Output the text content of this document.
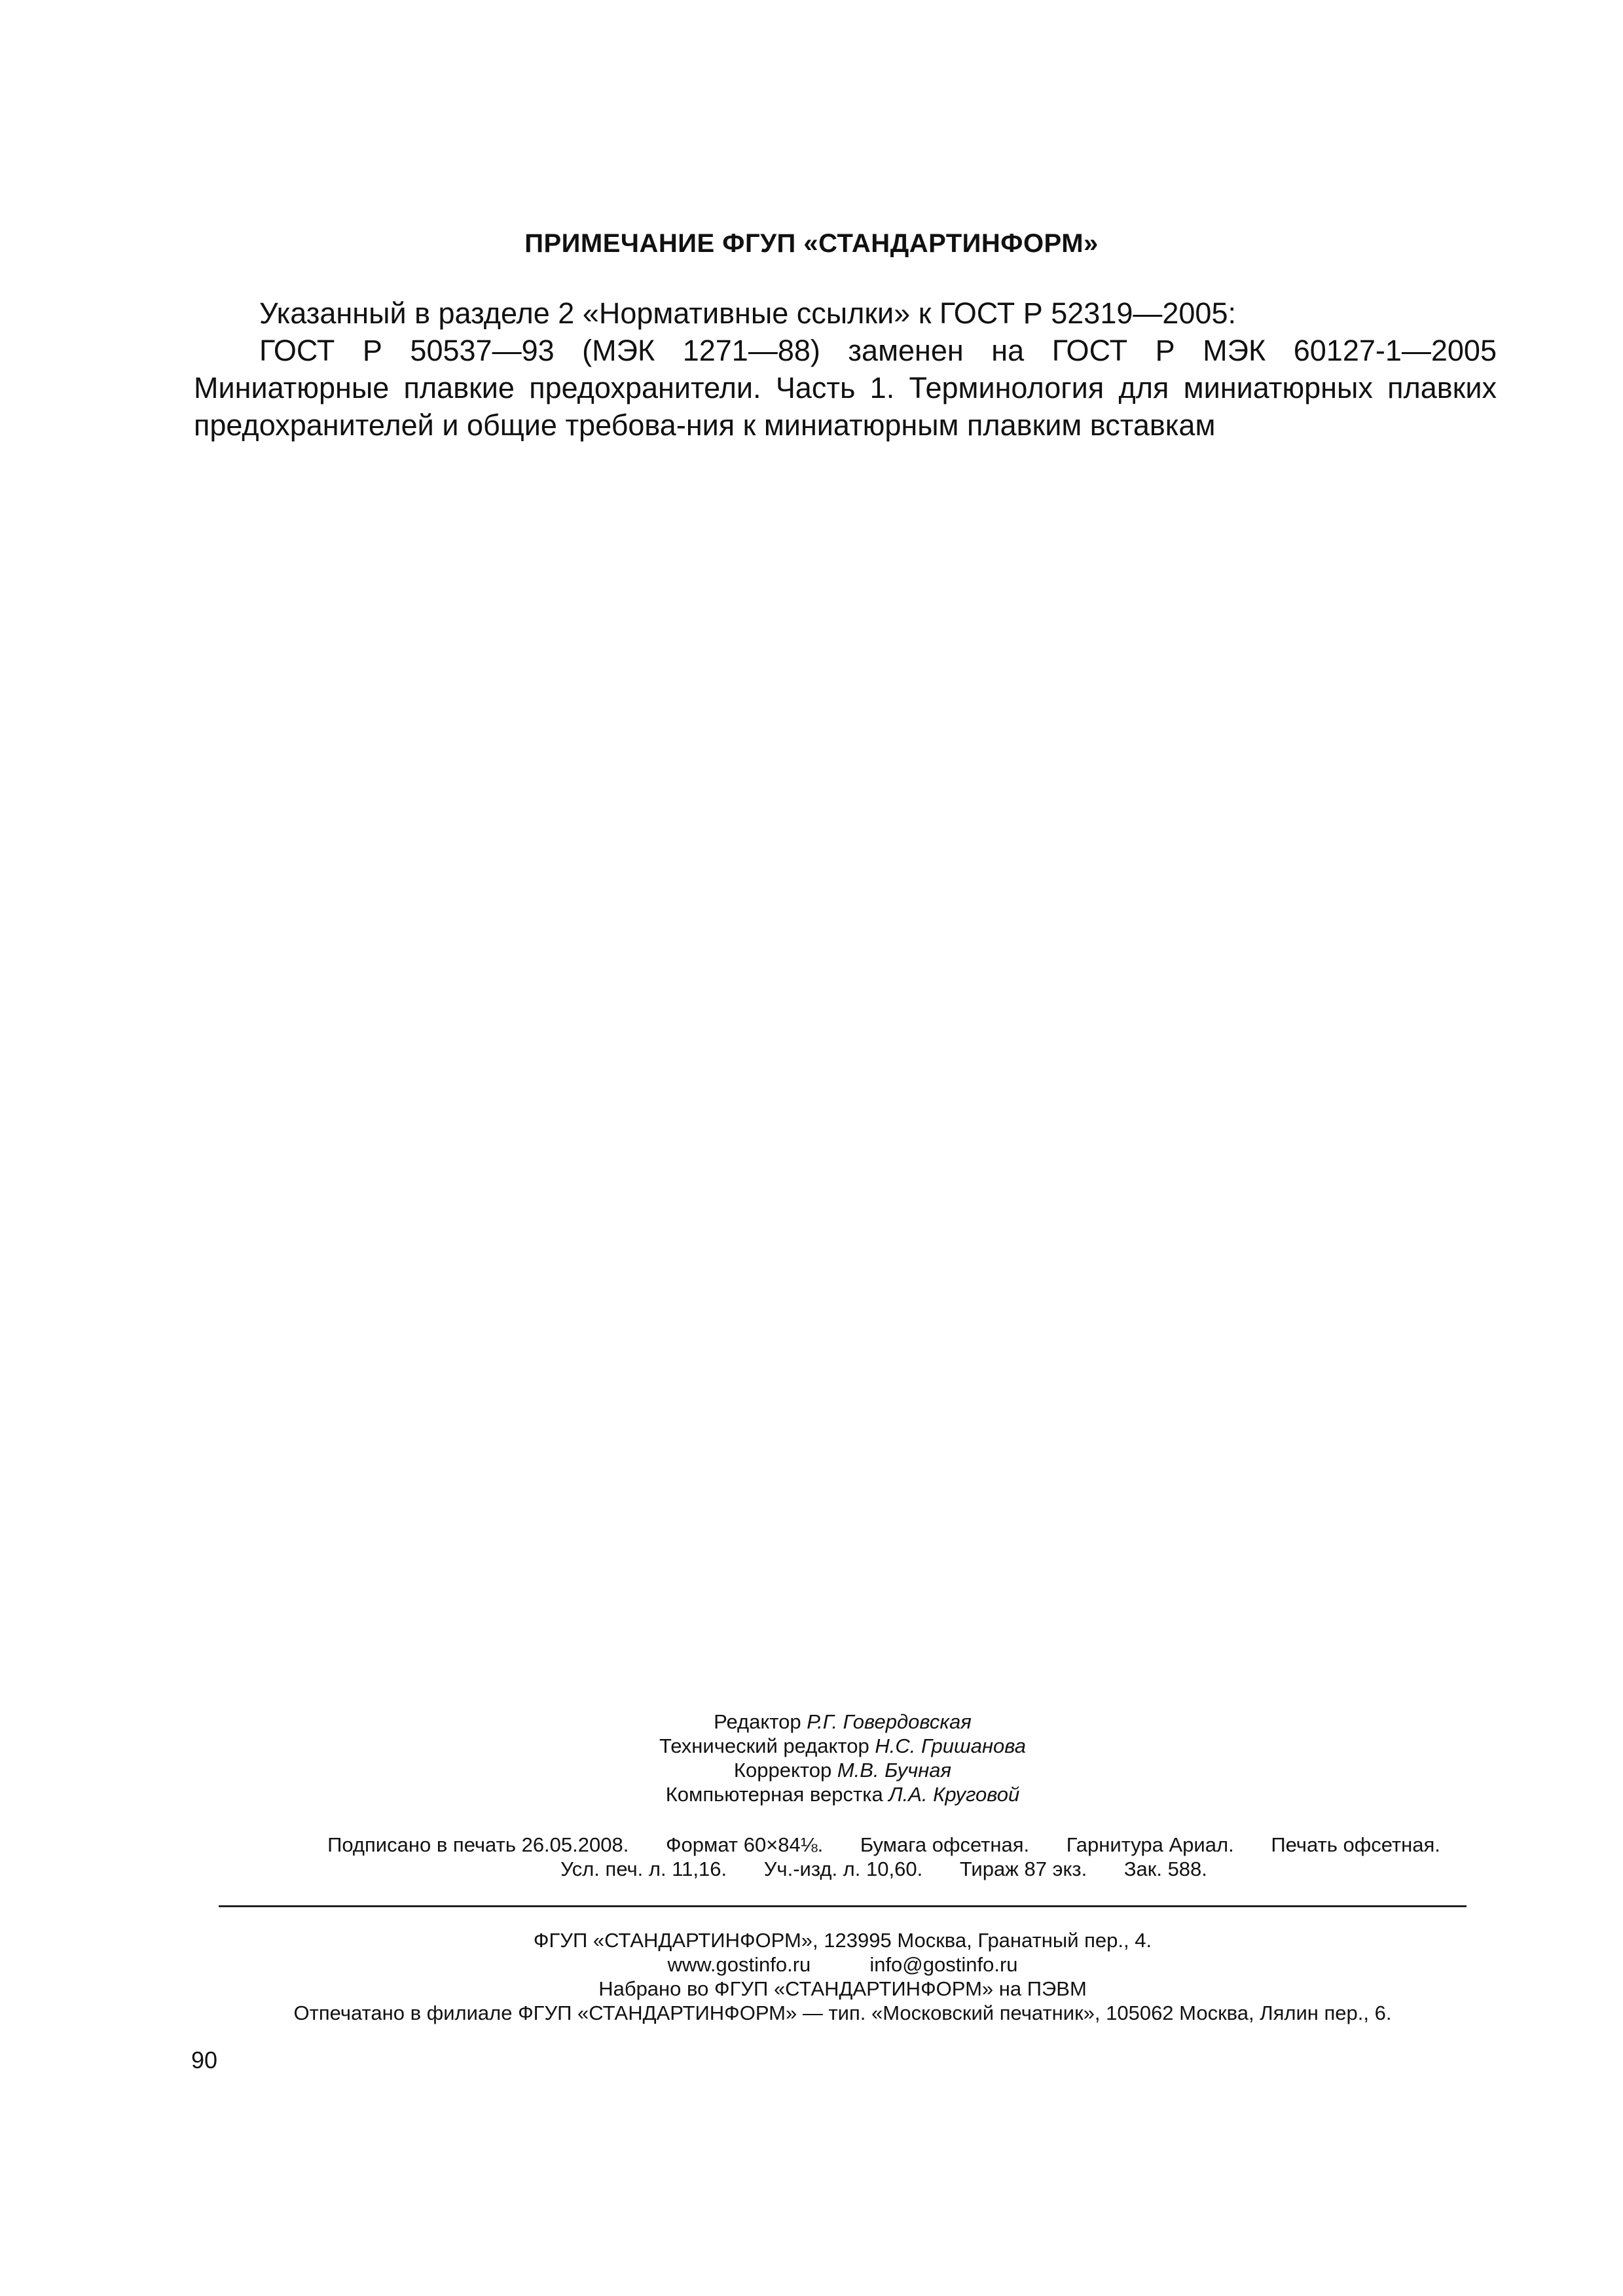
ПРИМЕЧАНИЕ ФГУП «СТАНДАРТИНФОРМ»

Указанный в разделе 2 «Нормативные ссылки» к ГОСТ Р 52319—2005:

ГОСТ Р 50537—93 (МЭК 1271—88) заменен на ГОСТ Р МЭК 60127-1—2005 Миниатюрные плавкие предохранители. Часть 1. Терминология для миниатюрных плавких предохранителей и общие требова-ния к миниатюрным плавким вставкам

Редактор Р.Г. Говердовская
Технический редактор Н.С. Гришанова
Корректор М.В. Бучная
Компьютерная верстка Л.А. Круговой
Подписано в печать 26.05.2008. Формат 60×84⅛. Бумага офсетная. Гарнитура Ариал. Печать офсетная.
Усл. печ. л. 11,16. Уч.-изд. л. 10,60. Тираж 87 экз. Зак. 588.
ФГУП «СТАНДАРТИНФОРМ», 123995 Москва, Гранатный пер., 4.
www.gostinfo.ru	info@gostinfo.ru
Набрано во ФГУП «СТАНДАРТИНФОРМ» на ПЭВМ
Отпечатано в филиале ФГУП «СТАНДАРТИНФОРМ» — тип. «Московский печатник», 105062 Москва, Лялин пер., 6.
90
